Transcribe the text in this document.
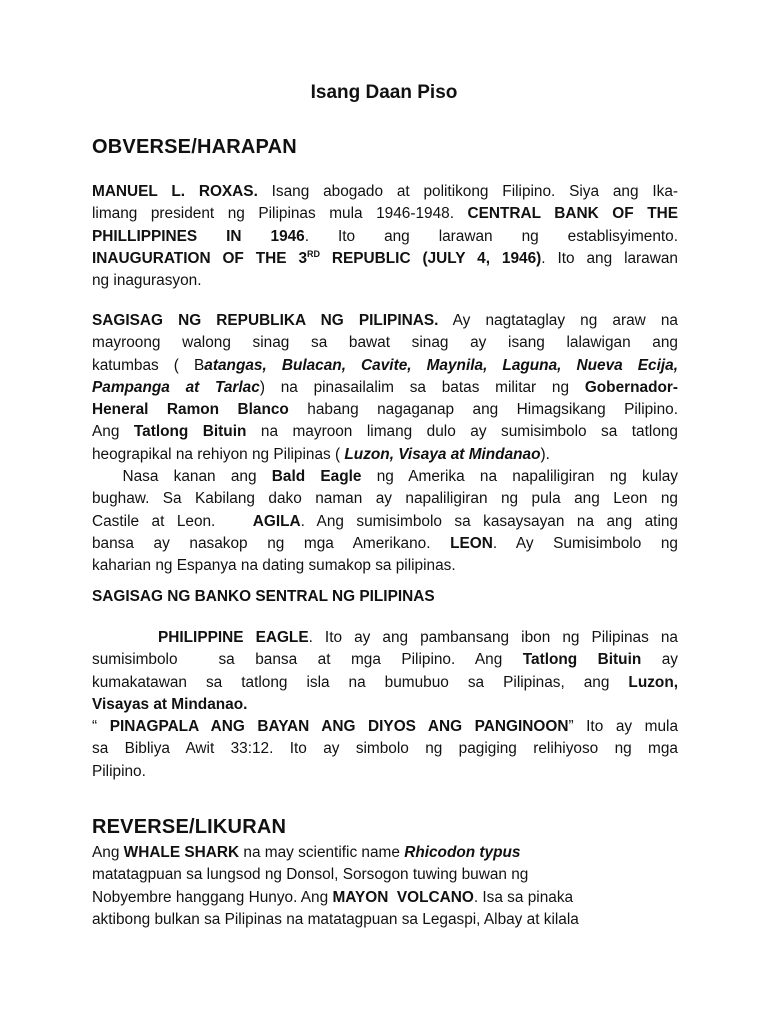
Isang Daan Piso
OBVERSE/HARAPAN
MANUEL L. ROXAS. Isang abogado at politikong Filipino. Siya ang Ika-
limang president ng Pilipinas mula 1946-1948. CENTRAL BANK OF THE
PHILLIPPINES IN 1946. Ito ang larawan ng establisyimento.
INAUGURATION OF THE 3RD REPUBLIC (JULY 4, 1946). Ito ang larawan
ng inagurasyon.
SAGISAG NG REPUBLIKA NG PILIPINAS. Ay nagtataglay ng araw na
mayroong walong sinag sa bawat sinag ay isang lalawigan ang
katumbas ( Batangas, Bulacan, Cavite, Maynila, Laguna, Nueva Ecija,
Pampanga at Tarlac) na pinasailalim sa batas militar ng Gobernador-
Heneral Ramon Blanco habang nagaganap ang Himagsikang Pilipino.
Ang Tatlong Bituin na mayroon limang dulo ay sumisimbolo sa tatlong
heograpikal na rehiyon ng Pilipinas ( Luzon, Visaya at Mindanao).
Nasa kanan ang Bald Eagle ng Amerika na napaliligiran ng kulay
bughaw. Sa Kabilang dako naman ay napaliligiran ng pula ang Leon ng
Castile at Leon.   AGILA. Ang sumisimbolo sa kasaysayan na ang ating
bansa ay nasakop ng mga Amerikano. LEON. Ay Sumisimbolo ng
kaharian ng Espanya na dating sumakop sa pilipinas.
SAGISAG NG BANKO SENTRAL NG PILIPINAS
PHILIPPINE EAGLE. Ito ay ang pambansang ibon ng Pilipinas na
sumisimbolo  sa bansa at mga Pilipino. Ang Tatlong Bituin ay
kumakatawan sa tatlong isla na bumubuo sa Pilipinas, ang Luzon,
Visayas at Mindanao.
“ PINAGPALA ANG BAYAN ANG DIYOS ANG PANGINOON” Ito ay mula
sa Bibliya Awit 33:12. Ito ay simbolo ng pagiging relihiyoso ng mga
Pilipino.
REVERSE/LIKURAN
Ang WHALE SHARK na may scientific name Rhicodon typus
matatagpuan sa lungsod ng Donsol, Sorsogon tuwing buwan ng
Nobyembre hanggang Hunyo. Ang MAYON  VOLCANO. Isa sa pinaka
aktibong bulkan sa Pilipinas na matatagpuan sa Legaspi, Albay at kilala
